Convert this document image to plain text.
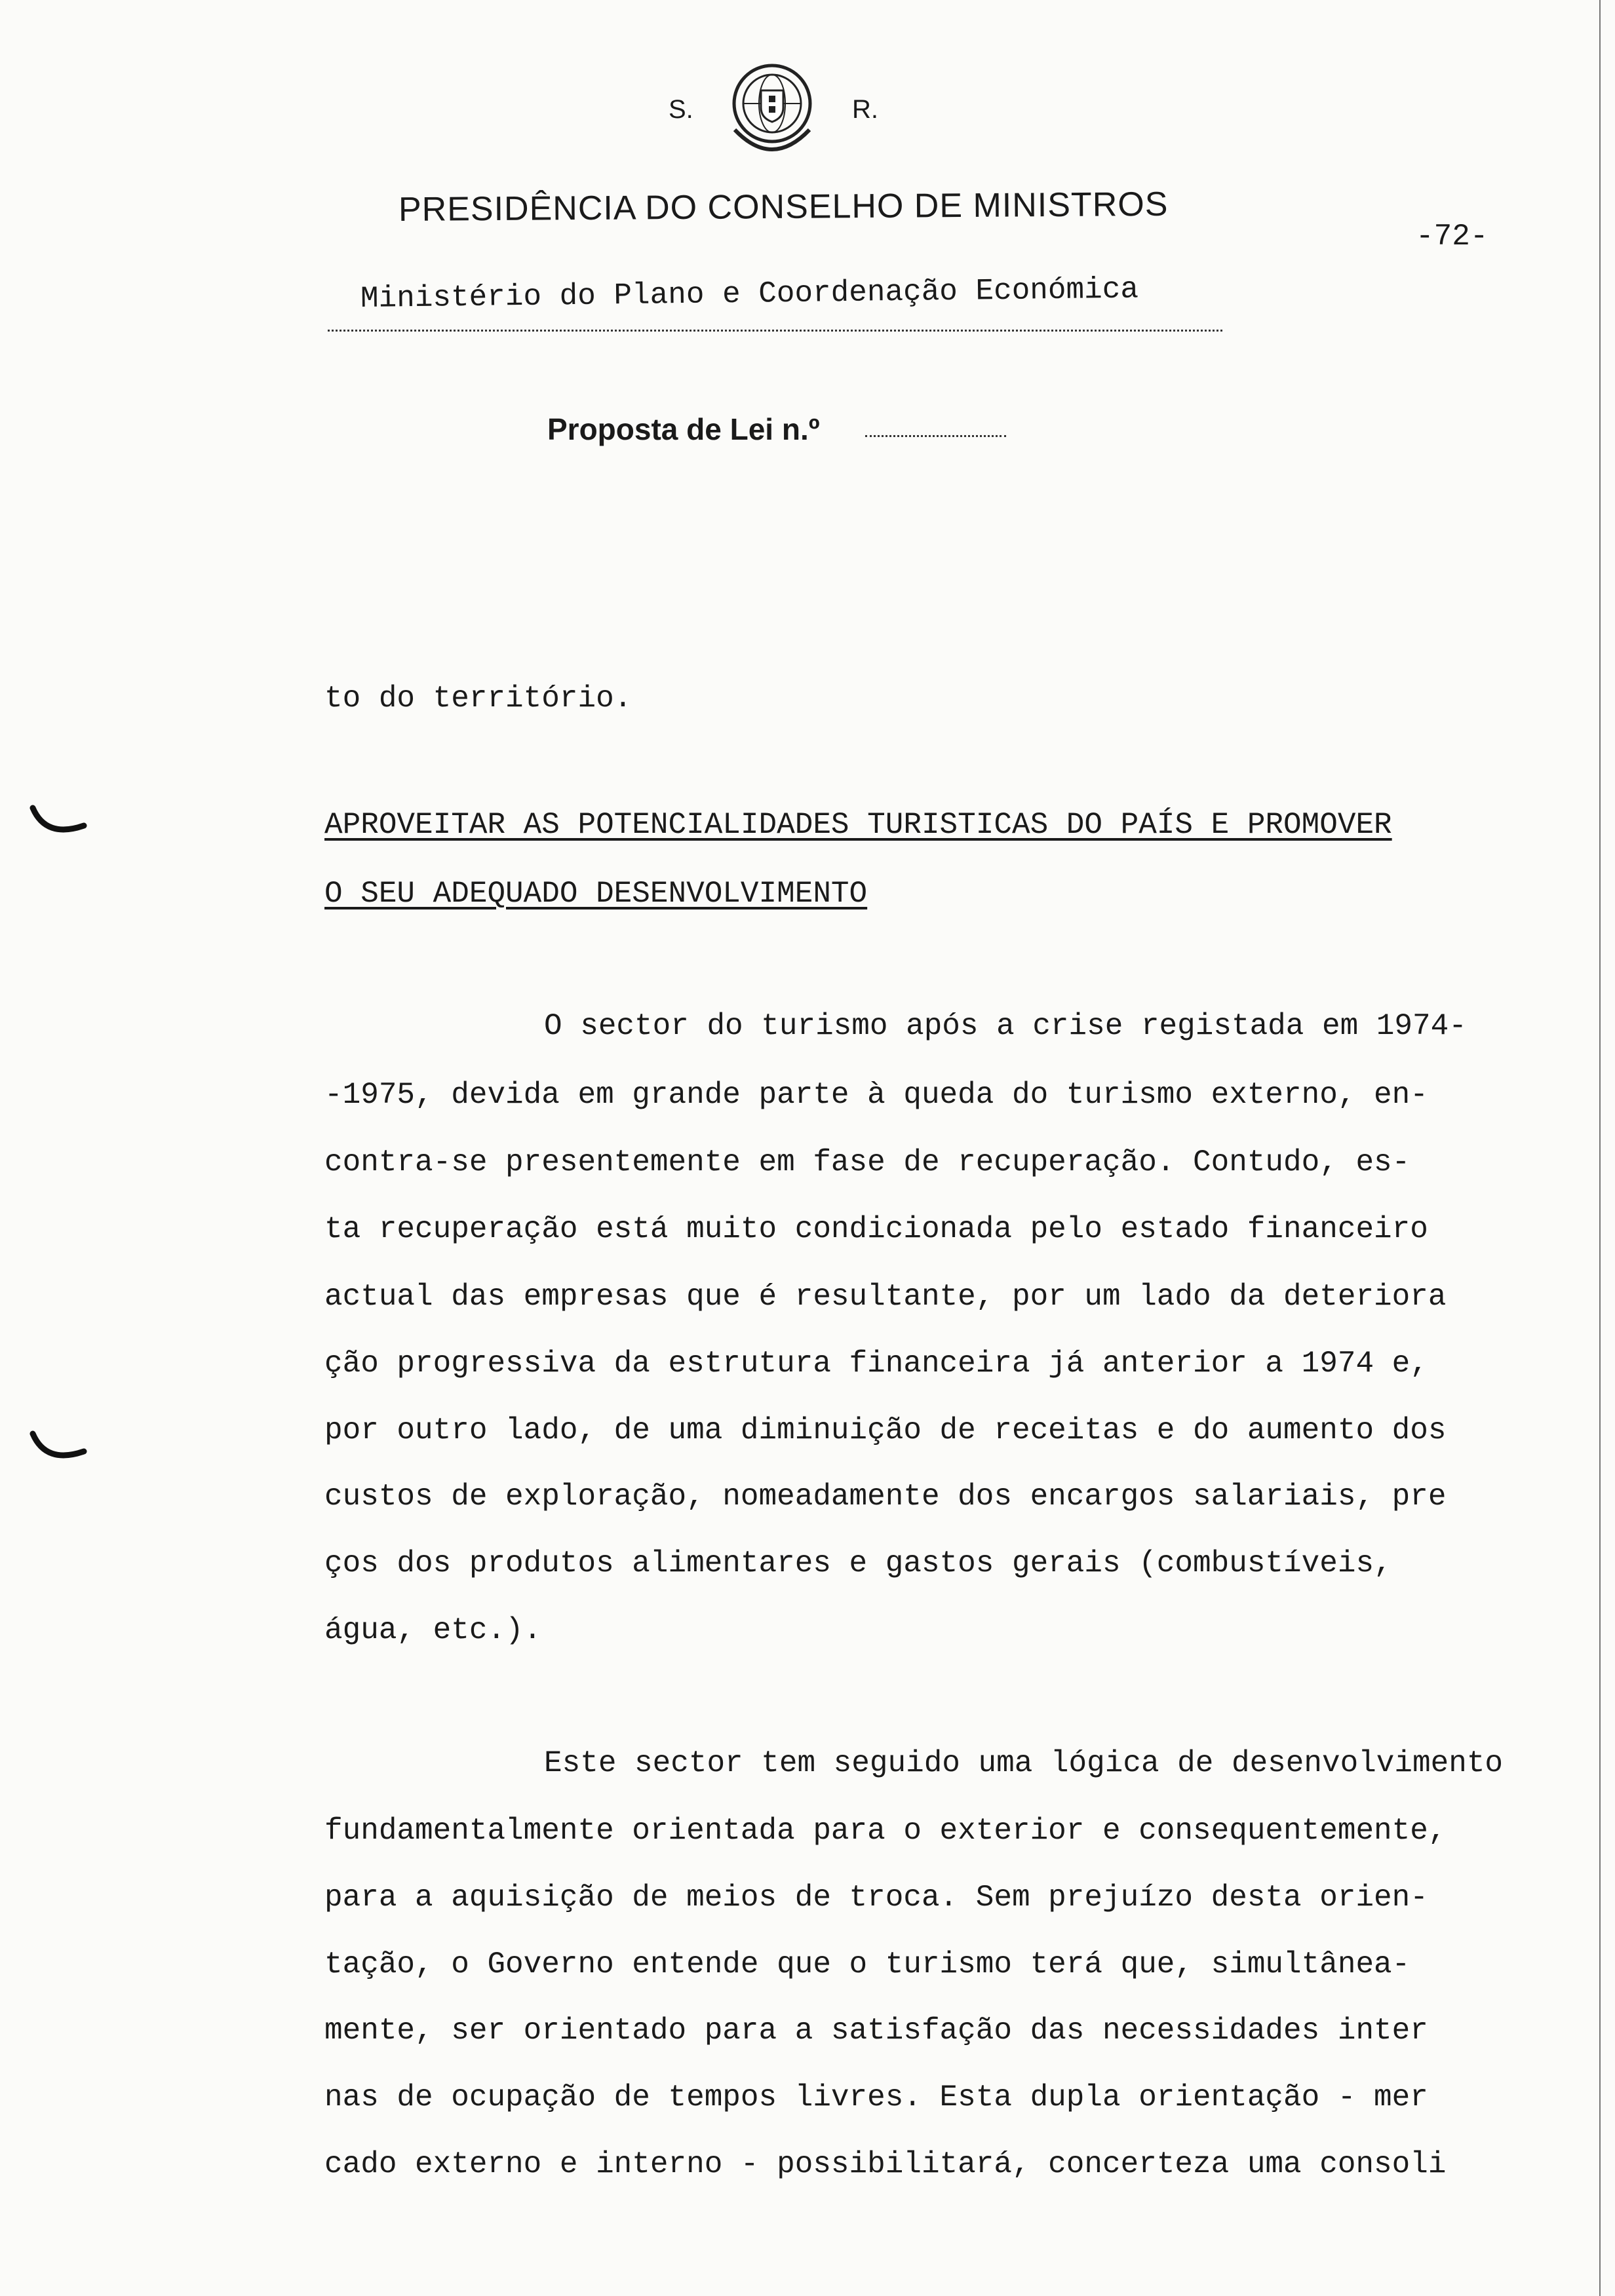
S.	R.
PRESIDÊNCIA DO CONSELHO DE MINISTROS
-72-
Ministério do Plano e Coordenação Económica
Proposta de Lei n.º
to do território.
APROVEITAR AS POTENCIALIDADES TURISTICAS DO PAÍS E PROMOVER
O SEU ADEQUADO DESENVOLVIMENTO
O sector do turismo após a crise registada em 1974-
-1975, devida em grande parte à queda do turismo externo, en-
contra-se presentemente em fase de recuperação. Contudo, es-
ta recuperação está muito condicionada pelo estado financeiro
actual das empresas que é resultante, por um lado da deteriora
ção progressiva da estrutura financeira já anterior a 1974 e,
por outro lado, de uma diminuição de receitas e do aumento dos
custos de exploração, nomeadamente dos encargos salariais, pre
ços dos produtos alimentares e gastos gerais (combustíveis,
água, etc.).
Este sector tem seguido uma lógica de desenvolvimento
fundamentalmente orientada para o exterior e consequentemente,
para a aquisição de meios de troca. Sem prejuízo desta orien-
tação, o Governo entende que o turismo terá que, simultânea-
mente, ser orientado para a satisfação das necessidades inter
nas de ocupação de tempos livres. Esta dupla orientação - mer
cado externo e interno - possibilitará, concerteza uma consoli
